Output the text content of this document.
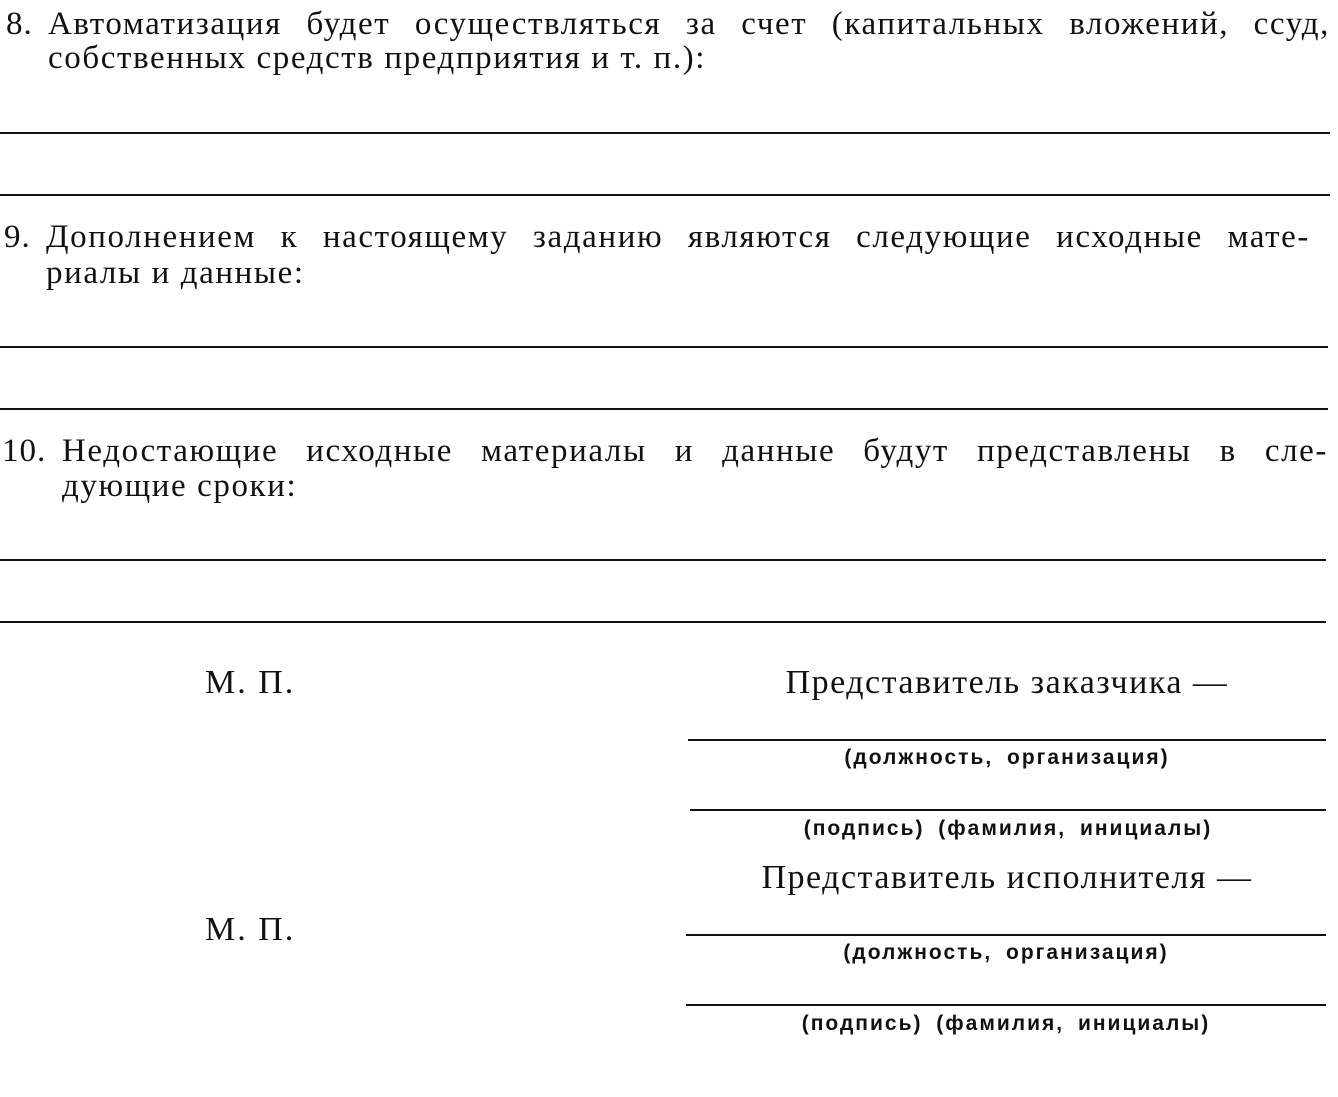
8. Автоматизация будет осуществляться за счет (капитальных вложений, ссуд,
собственных средств предприятия и т. п.):
9. Дополнением к настоящему заданию являются следующие исходные мате-
риалы и данные:
10. Недостающие исходные материалы и данные будут представлены в сле-
дующие сроки:
М. П.	Представитель заказчика —
(должность, организация)
(подпись) (фамилия, инициалы)
Представитель исполнителя —
М. П.
(должность, организация)
(подпись) (фамилия, инициалы)
